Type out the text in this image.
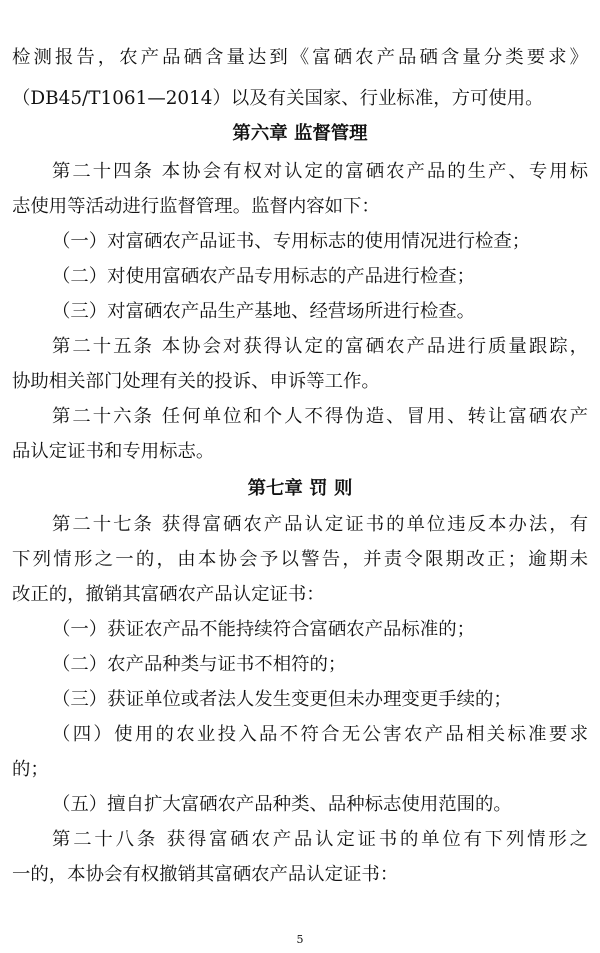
检测报告，农产品硒含量达到《富硒农产品硒含量分类要求》
（DB45/T1061—2014）以及有关国家、行业标准，方可使用。
第六章 监督管理
第二十四条 本协会有权对认定的富硒农产品的生产、专用标
志使用等活动进行监督管理。监督内容如下：
（一）对富硒农产品证书、专用标志的使用情况进行检查；
（二）对使用富硒农产品专用标志的产品进行检查；
（三）对富硒农产品生产基地、经营场所进行检查。
第二十五条 本协会对获得认定的富硒农产品进行质量跟踪，
协助相关部门处理有关的投诉、申诉等工作。
第二十六条 任何单位和个人不得伪造、冒用、转让富硒农产
品认定证书和专用标志。
第七章 罚 则
第二十七条 获得富硒农产品认定证书的单位违反本办法，有
下列情形之一的，由本协会予以警告，并责令限期改正；逾期未
改正的，撤销其富硒农产品认定证书：
（一）获证农产品不能持续符合富硒农产品标准的；
（二）农产品种类与证书不相符的；
（三）获证单位或者法人发生变更但未办理变更手续的；
（四）使用的农业投入品不符合无公害农产品相关标准要求
的；
（五）擅自扩大富硒农产品种类、品种标志使用范围的。
第二十八条 获得富硒农产品认定证书的单位有下列情形之
一的，本协会有权撤销其富硒农产品认定证书：
5
